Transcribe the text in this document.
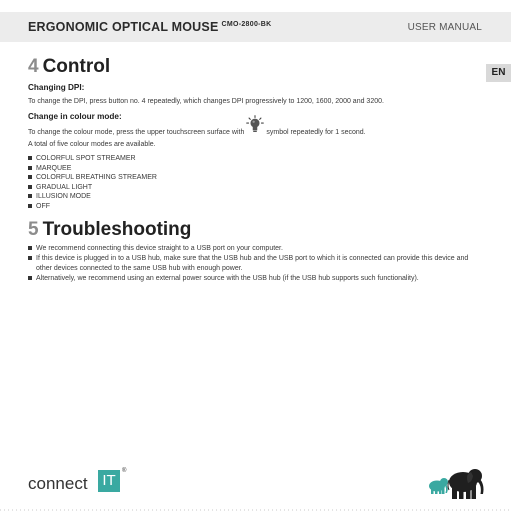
ERGONOMIC OPTICAL MOUSE $^{CMO-2800-BK}$	USER MANUAL
EN
4 Control
Changing DPI:
To change the DPI, press button no. 4 repeatedly, which changes DPI progressively to 1200, 1600, 2000 and 3200.
Change in colour mode:
To change the colour mode, press the upper touchscreen surface with	symbol repeatedly for 1 second.
A total of five colour modes are available.
COLORFUL SPOT STREAMER
MARQUEE
COLORFUL BREATHING STREAMER
GRADUAL LIGHT
ILLUSION MODE
OFF
5 Troubleshooting
We recommend connecting this device straight to a USB port on your computer.
If this device is plugged in to a USB hub, make sure that the USB hub and the USB port to which it is connected can provide this device and other devices connected to the same USB hub with enough power.
Alternatively, we recommend using an external power source with the USB hub (if the USB hub supports such functionality).
connect IT
®
